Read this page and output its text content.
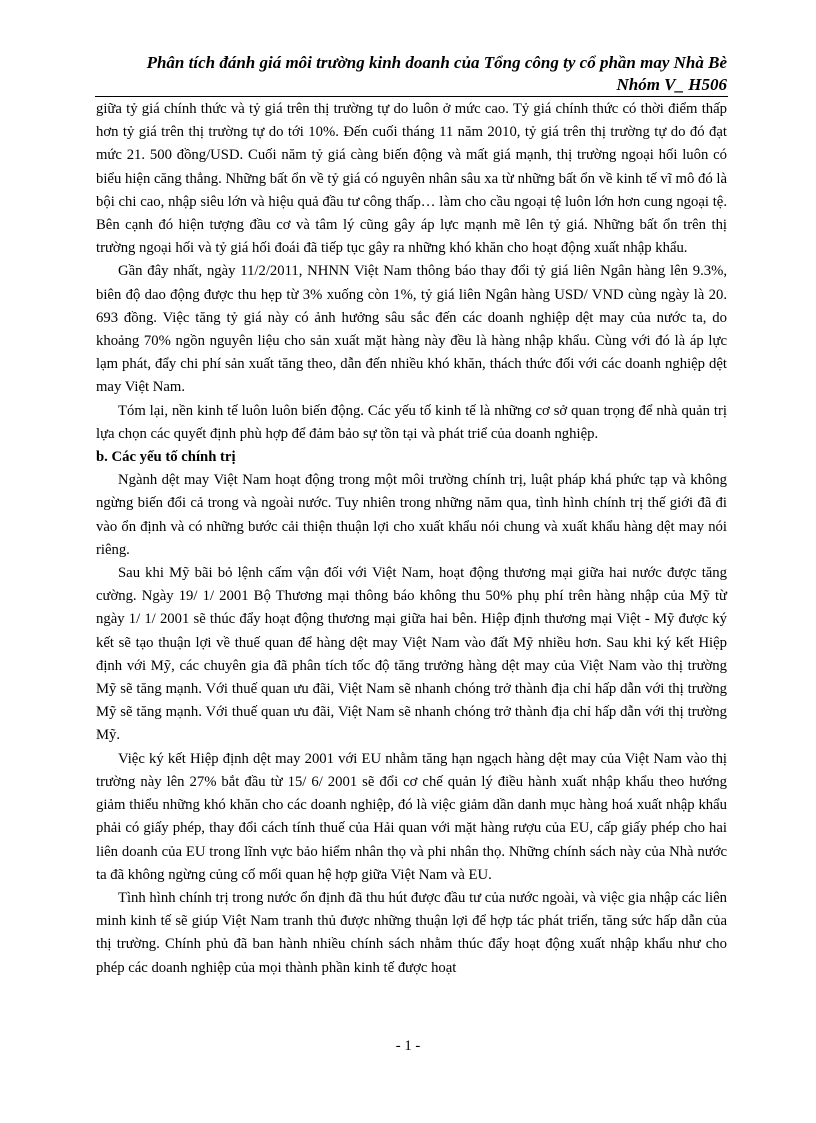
Phân tích đánh giá môi trường kinh doanh của Tổng công ty cổ phần may Nhà Bè
Nhóm V_ H506

giữa tỷ giá chính thức và tỷ giá trên thị trường tự do luôn ở mức cao. Tỷ giá chính thức có thời điểm thấp hơn tỷ giá trên thị trường tự do tới 10%. Đến cuối tháng 11 năm 2010, tỷ giá trên thị trường tự do đó đạt mức 21. 500 đồng/USD. Cuối năm tỷ giá càng biến động và mất giá mạnh, thị trường ngoại hối luôn có biểu hiện căng thẳng. Những bất ổn về tỷ giá có nguyên nhân sâu xa từ những bất ổn về kinh tế vĩ mô đó là bội chi cao, nhập siêu lớn và hiệu quả đầu tư công thấp… làm cho cầu ngoại tệ luôn lớn hơn cung ngoại tệ. Bên cạnh đó hiện tượng đầu cơ và tâm lý cũng gây áp lực mạnh mẽ lên tỷ giá. Những bất ổn trên thị trường ngoại hối và tỷ giá hối đoái đã tiếp tục gây ra những khó khăn cho hoạt động xuất nhập khẩu.

Gần đây nhất, ngày 11/2/2011, NHNN Việt Nam thông báo thay đổi tỷ giá liên Ngân hàng lên 9.3%, biên độ dao động được thu hẹp từ 3% xuống còn 1%, tỷ giá liên Ngân hàng USD/ VND cùng ngày là 20. 693 đồng. Việc tăng tỷ giá này có ảnh hưởng sâu sắc đến các doanh nghiệp dệt may của nước ta, do khoảng 70% ngồn nguyên liệu cho sản xuất mặt hàng này đều là hàng nhập khẩu. Cùng với đó là áp lực lạm phát, đẩy chi phí sản xuất tăng theo, dẫn đến nhiều khó khăn, thách thức đối với các doanh nghiệp dệt may Việt Nam.

Tóm lại, nền kinh tế luôn luôn biến động. Các yếu tố kinh tế là những cơ sở quan trọng để nhà quản trị lựa chọn các quyết định phù hợp để đảm bảo sự tồn tại và phát triể của doanh nghiệp.

b. Các yếu tố chính trị

Ngành dệt may Việt Nam hoạt động trong một môi trường chính trị, luật pháp khá phức tạp và không ngừng biến đổi cả trong và ngoài nước. Tuy nhiên trong những năm qua, tình hình chính trị thế giới đã đi vào ổn định và có những bước cải thiện thuận lợi cho xuất khẩu nói chung và xuất khẩu hàng dệt may nói riêng.

Sau khi Mỹ bãi bỏ lệnh cấm vận đối với Việt Nam, hoạt động thương mại giữa hai nước được tăng cường. Ngày 19/ 1/ 2001 Bộ Thương mại thông báo không thu 50% phụ phí trên hàng nhập của Mỹ từ ngày 1/ 1/ 2001 sẽ thúc đẩy hoạt động thương mại giữa hai bên. Hiệp định thương mại Việt - Mỹ được ký kết sẽ tạo thuận lợi về thuế quan để hàng dệt may Việt Nam vào đất Mỹ nhiều hơn. Sau khi ký kết Hiệp định với Mỹ, các chuyên gia đã phân tích tốc độ tăng trưởng hàng dệt may của Việt Nam vào thị trường Mỹ sẽ tăng mạnh. Với thuế quan ưu đãi, Việt Nam sẽ nhanh chóng trở thành địa chỉ hấp dẫn với thị trường Mỹ sẽ tăng mạnh. Với thuế quan ưu đãi, Việt Nam sẽ nhanh chóng trở thành địa chỉ hấp dẫn với thị trường Mỹ.

Việc ký kết Hiệp định dệt may 2001 với EU nhằm tăng hạn ngạch hàng dệt may của Việt Nam vào thị trường này lên 27% bắt đầu từ 15/ 6/ 2001 sẽ đổi cơ chế quản lý điều hành xuất nhập khẩu theo hướng giảm thiểu những khó khăn cho các doanh nghiệp, đó là việc giảm dần danh mục hàng hoá xuất nhập khẩu phải có giấy phép, thay đổi cách tính thuế của Hải quan với mặt hàng rượu của EU, cấp giấy phép cho hai liên doanh của EU trong lĩnh vực bảo hiểm nhân thọ và phi nhân thọ. Những chính sách này của Nhà nước ta đã không ngừng củng cố mối quan hệ hợp giữa Việt Nam và EU.

Tình hình chính trị trong nước ổn định đã thu hút được đầu tư của nước ngoài, và việc gia nhập các liên minh kinh tế sẽ giúp Việt Nam tranh thủ được những thuận lợi để hợp tác phát triển, tăng sức hấp dẫn của thị trường. Chính phủ đã ban hành nhiều chính sách nhằm thúc đẩy hoạt động xuất nhập khẩu như cho phép các doanh nghiệp của mọi thành phần kinh tế được hoạt

- 1 -
